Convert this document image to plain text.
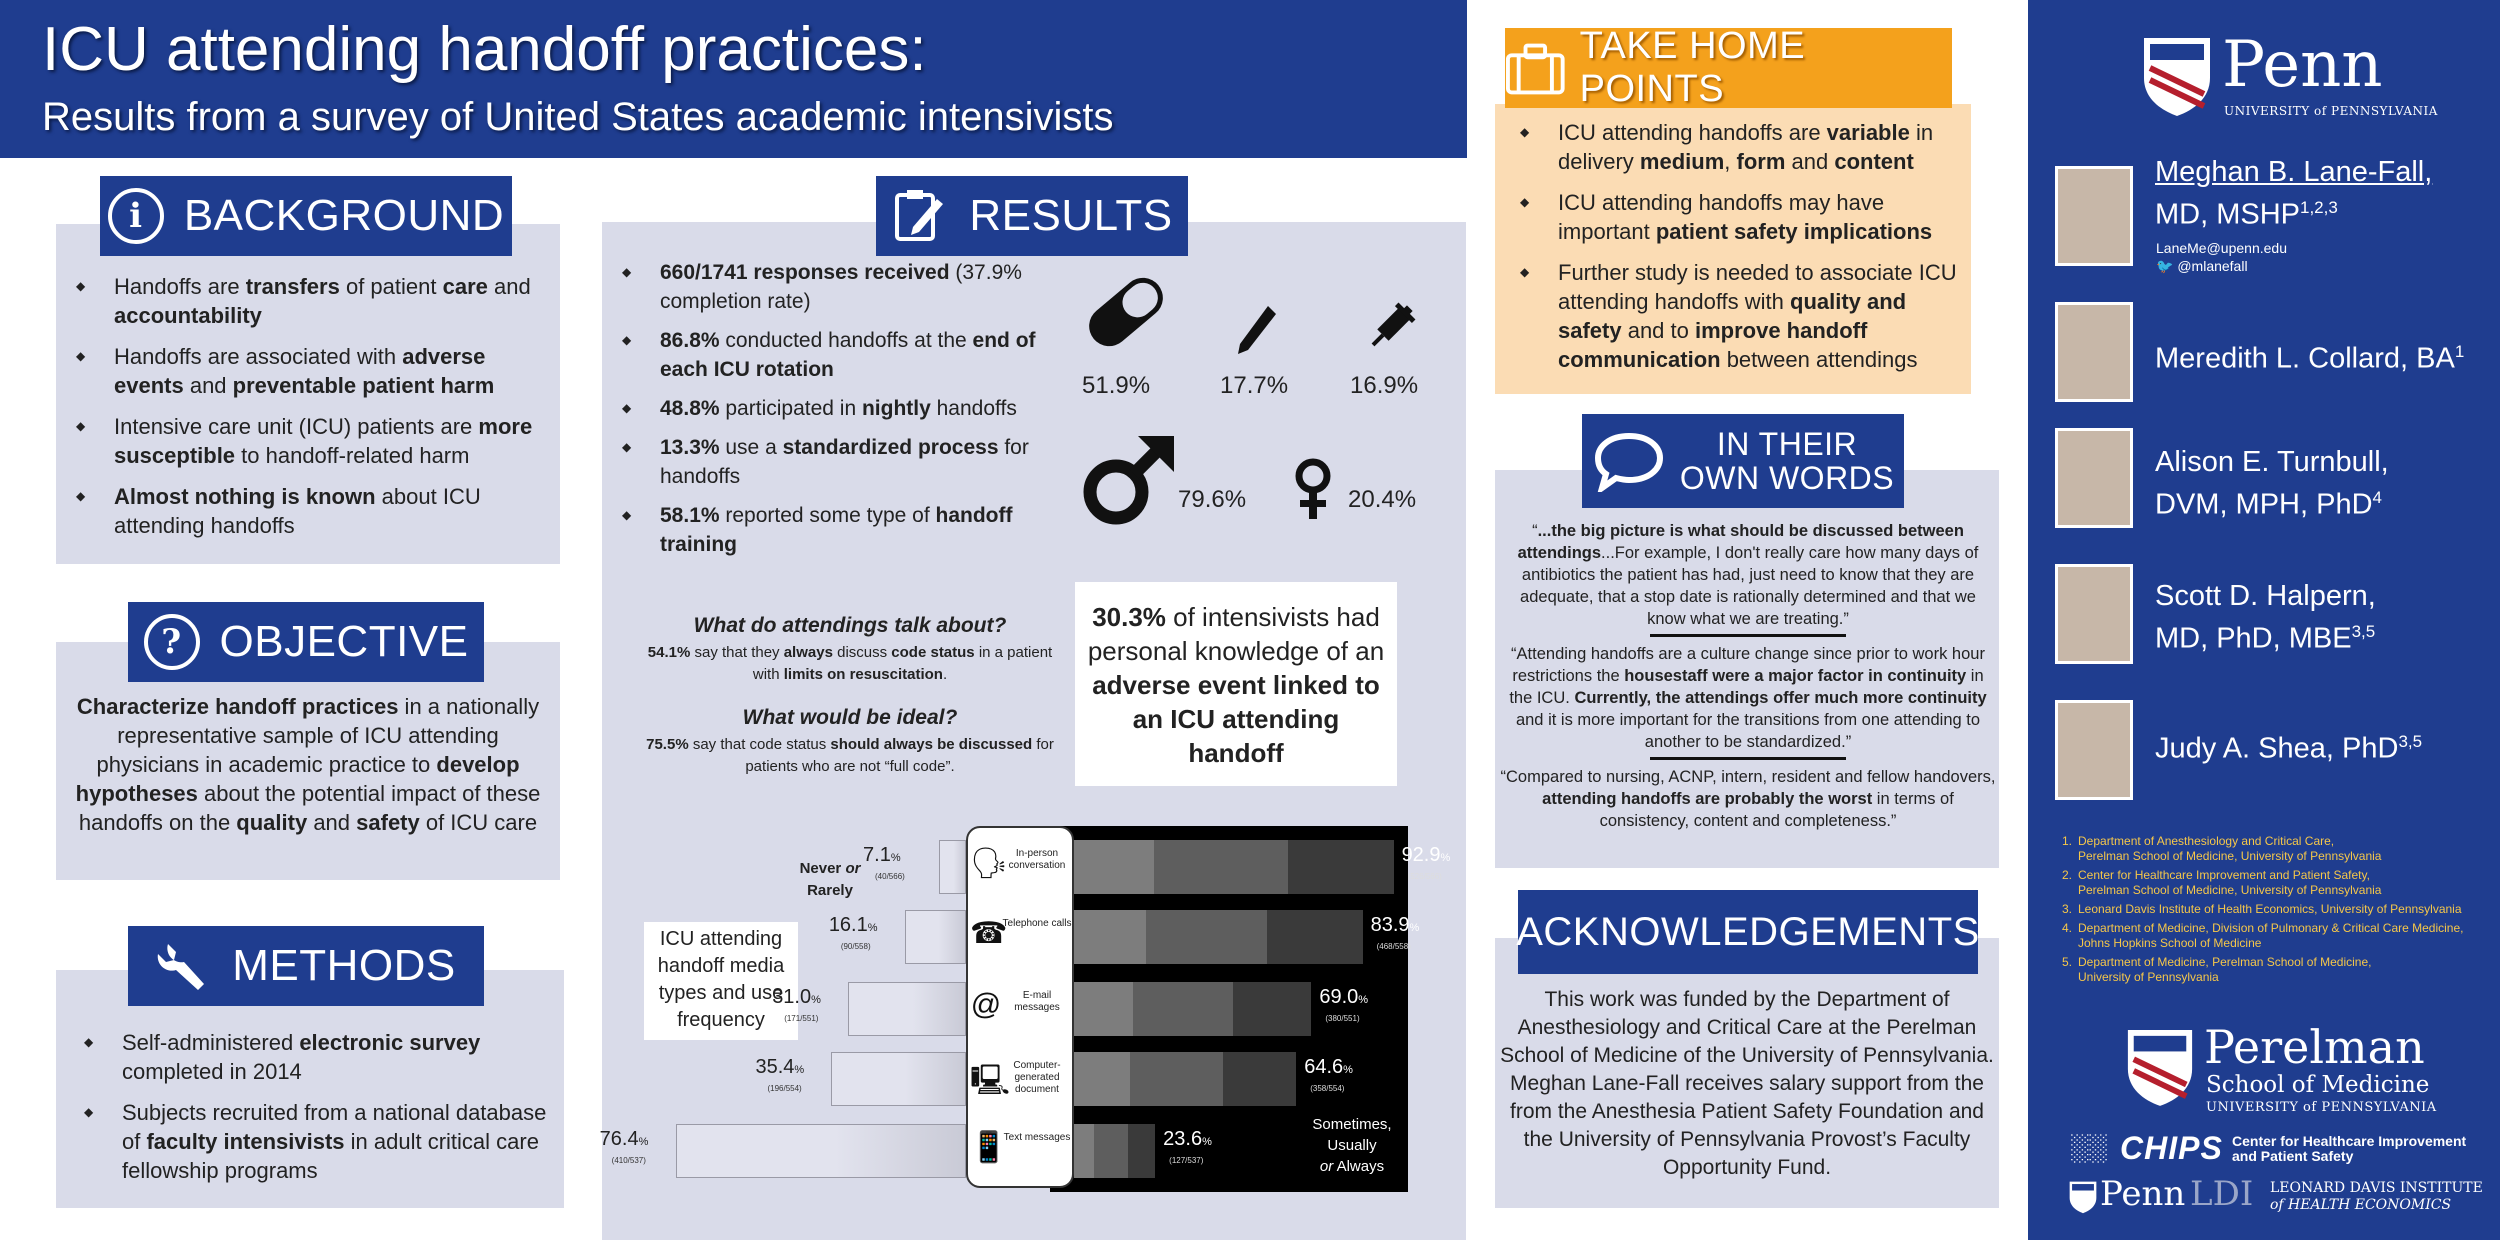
ICU attending handoff practices:
Results from a survey of United States academic intensivists
i BACKGROUND
◆ Handoffs are transfers of patient care and accountability
◆ Handoffs are associated with adverse events and preventable patient harm
◆ Intensive care unit (ICU) patients are more susceptible to handoff-related harm
◆ Almost nothing is known about ICU attending handoffs
? OBJECTIVE
Characterize handoff practices in a nationally representative sample of ICU attending physicians in academic practice to develop hypotheses about the potential impact of these handoffs on the quality and safety of ICU care
METHODS
◆ Self-administered electronic survey completed in 2014
◆ Subjects recruited from a national database of faculty intensivists in adult critical care fellowship programs
RESULTS
◆ 660/1741 responses received (37.9% completion rate)
◆ 86.8% conducted handoffs at the end of each ICU rotation
◆ 48.8% participated in nightly handoffs
◆ 13.3% use a standardized process for handoffs
◆ 58.1% reported some type of handoff training
51.9%	17.7%	16.9%
79.6%	20.4%
What do attendings talk about?
54.1% say that they always discuss code status in a patient with limits on resuscitation.
What would be ideal?
75.5% say that code status should always be discussed for patients who are not “full code”.
30.3% of intensivists had personal knowledge of an adverse event linked to an ICU attending handoff
ICU attending handoff media types and use frequency
Never or
Rarely
Sometimes,
Usually
or Always
7.1%
(40/566)
92.9%
(526/566)
🗣 In-person conversation
16.1%
(90/558)
83.9%
(468/558)
☎
Telephone calls
31.0%
(171/551)
69.0%
(380/551)
@	E-mail messages
35.4%
(196/554)
64.6%
(358/554)
🖳 Computer-generated document
76.4%
(410/537)
23.6%
(127/537)
📱
Text messages
TAKE HOME POINTS
◆ ICU attending handoffs are variable in delivery medium, form and content
◆ ICU attending handoffs may have important patient safety implications
◆ Further study is needed to associate ICU attending handoffs with quality and safety and to improve handoff communication between attendings
IN THEIR
OWN WORDS
“...the big picture is what should be discussed between attendings...For example, I don't really care how many days of antibiotics the patient has had, just need to know that they are adequate, that a stop date is rationally determined and that we know what we are treating.”
“Attending handoffs are a culture change since prior to work hour restrictions the housestaff were a major factor in continuity in the ICU. Currently, the attendings offer much more continuity and it is more important for the transitions from one attending to another to be standardized.”
“Compared to nursing, ACNP, intern, resident and fellow handovers, attending handoffs are probably the worst in terms of consistency, content and completeness.”
ACKNOWLEDGEMENTS
This work was funded by the Department of Anesthesiology and Critical Care at the Perelman School of Medicine of the University of Pennsylvania. Meghan Lane-Fall receives salary support from the from the Anesthesia Patient Safety Foundation and the University of Pennsylvania Provost’s Faculty Opportunity Fund.
Penn
UNIVERSITY of PENNSYLVANIA
Meghan B. Lane-Fall,
MD, MSHP$^{1,2,3}$
LaneMe@upenn.edu
🐦 @mlanefall
Meredith L. Collard, $BA^1$
Alison E. Turnbull,
DVM, MPH, PhD$^4$
Scott D. Halpern,
MD, PhD, MBE$^{3,5}$
Judy A. Shea, PhD$^{3,5}$
1. Department of Anesthesiology and Critical Care,
Perelman School of Medicine, University of Pennsylvania
2. Center for Healthcare Improvement and Patient Safety,
Perelman School of Medicine, University of Pennsylvania
3. Leonard Davis Institute of Health Economics, University of Pennsylvania
4. Department of Medicine, Division of Pulmonary & Critical Care Medicine,
Johns Hopkins School of Medicine
5. Department of Medicine, Perelman School of Medicine,
University of Pennsylvania
Perelman
School of Medicine
UNIVERSITY of PENNSYLVANIA
░░ CHIPS Center for Healthcare Improvement
and Patient Safety
Penn LDI LEONARD DAVIS INSTITUTE
of HEALTH ECONOMICS
